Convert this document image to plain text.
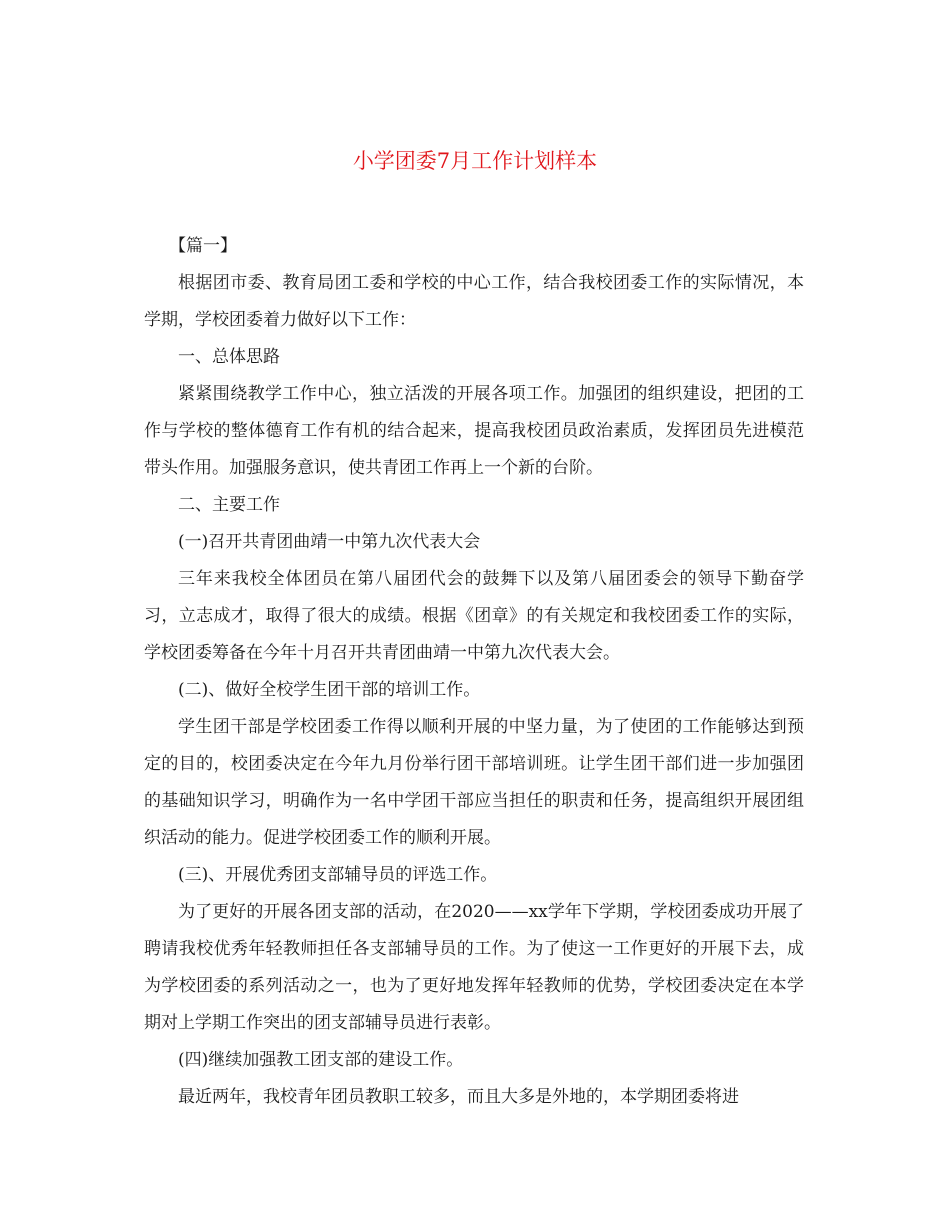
小学团委7月工作计划样本

【篇一】

根据团市委、教育局团工委和学校的中心工作，结合我校团委工作的实际情况，本学期，学校团委着力做好以下工作：

一、总体思路

紧紧围绕教学工作中心，独立活泼的开展各项工作。加强团的组织建设，把团的工作与学校的整体德育工作有机的结合起来，提高我校团员政治素质，发挥团员先进模范带头作用。加强服务意识，使共青团工作再上一个新的台阶。

二、主要工作

(一)召开共青团曲靖一中第九次代表大会

三年来我校全体团员在第八届团代会的鼓舞下以及第八届团委会的领导下勤奋学习，立志成才，取得了很大的成绩。根据《团章》的有关规定和我校团委工作的实际，学校团委筹备在今年十月召开共青团曲靖一中第九次代表大会。

(二)、做好全校学生团干部的培训工作。

学生团干部是学校团委工作得以顺利开展的中坚力量，为了使团的工作能够达到预定的目的，校团委决定在今年九月份举行团干部培训班。让学生团干部们进一步加强团的基础知识学习，明确作为一名中学团干部应当担任的职责和任务，提高组织开展团组织活动的能力。促进学校团委工作的顺利开展。

(三)、开展优秀团支部辅导员的评选工作。

为了更好的开展各团支部的活动，在2020——xx学年下学期，学校团委成功开展了聘请我校优秀年轻教师担任各支部辅导员的工作。为了使这一工作更好的开展下去，成为学校团委的系列活动之一，也为了更好地发挥年轻教师的优势，学校团委决定在本学期对上学期工作突出的团支部辅导员进行表彰。

(四)继续加强教工团支部的建设工作。

最近两年，我校青年团员教职工较多，而且大多是外地的，本学期团委将进
